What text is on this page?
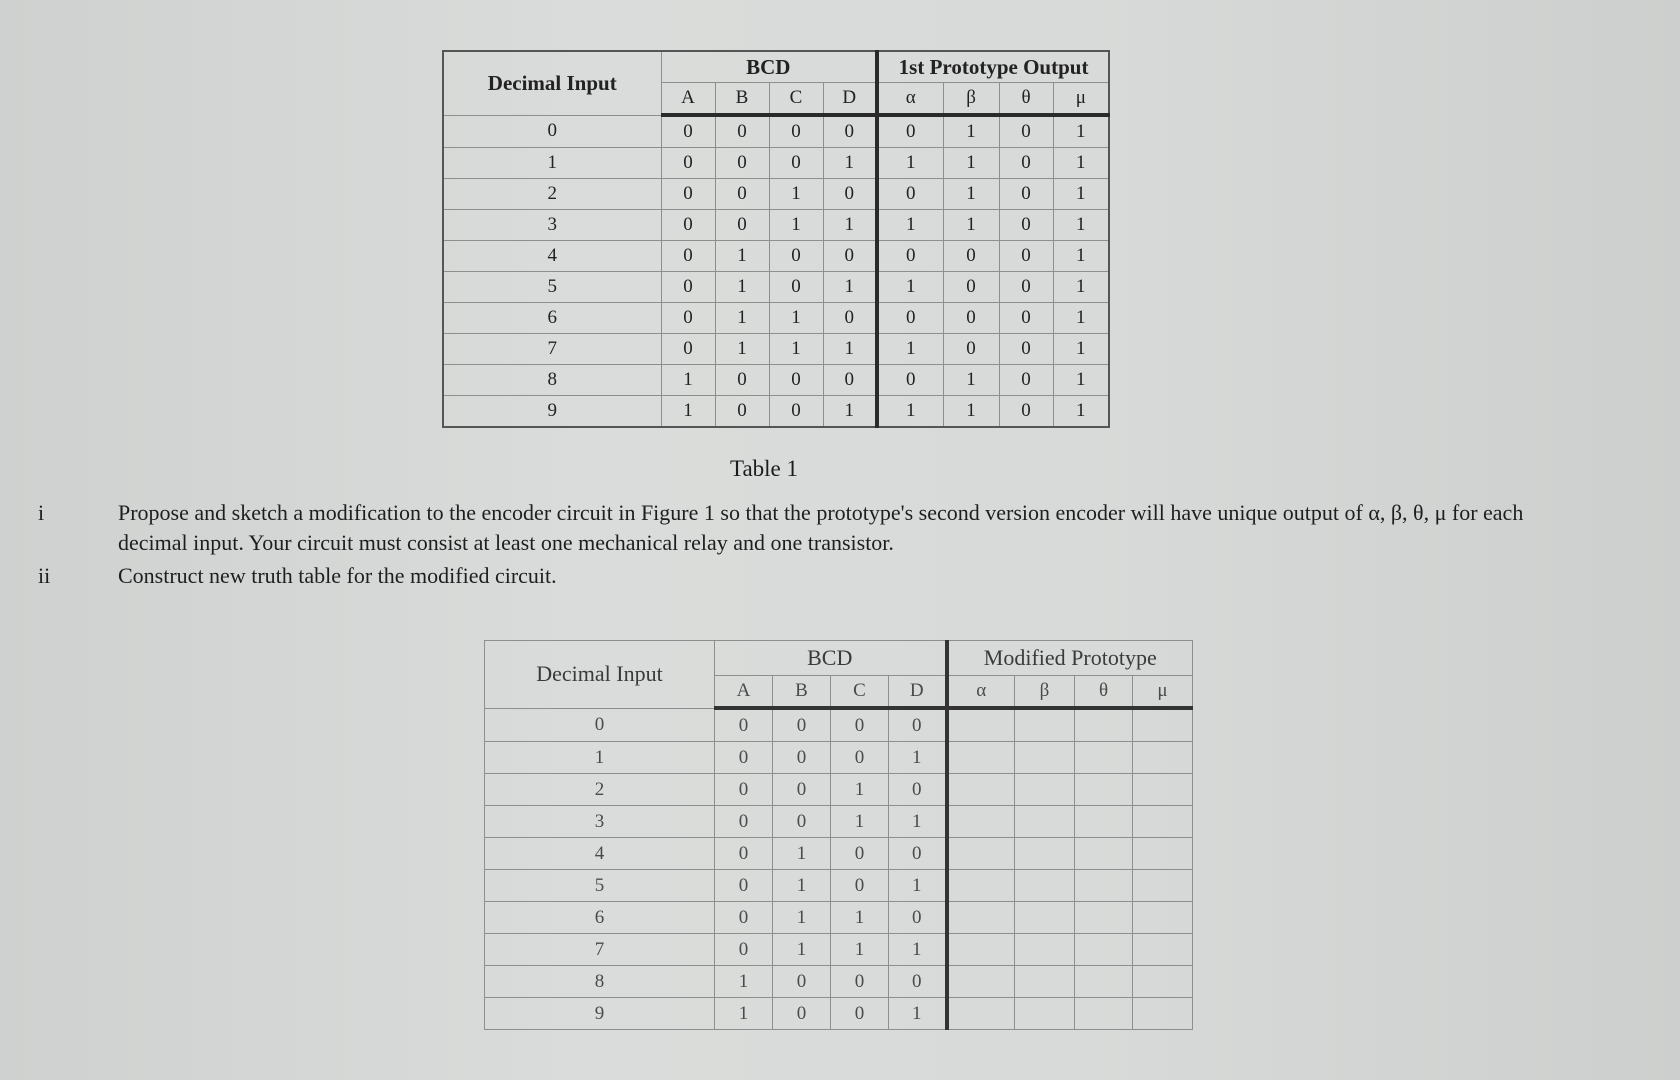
Decimal Input	BCD				1st Prototype Output			
	A	B	C	D	α	β	θ	μ
0	0	0	0	0	0	1	0	1
1	0	0	0	1	1	1	0	1
2	0	0	1	0	0	1	0	1
3	0	0	1	1	1	1	0	1
4	0	1	0	0	0	0	0	1
5	0	1	0	1	1	0	0	1
6	0	1	1	0	0	0	0	1
7	0	1	1	1	1	0	0	1
8	1	0	0	0	0	1	0	1
9	1	0	0	1	1	1	0	1
Table 1
i	Propose and sketch a modification to the encoder circuit in Figure 1 so that the prototype's second version encoder will have unique output of α, β, θ, μ for each decimal input. Your circuit must consist at least one mechanical relay and one transistor.
ii	Construct new truth table for the modified circuit.
Decimal Input	BCD				Modified Prototype			
	A	B	C	D	α	β	θ	μ
0	0	0	0	0				
1	0	0	0	1				
2	0	0	1	0				
3	0	0	1	1				
4	0	1	0	0				
5	0	1	0	1				
6	0	1	1	0				
7	0	1	1	1				
8	1	0	0	0				
9	1	0	0	1				
